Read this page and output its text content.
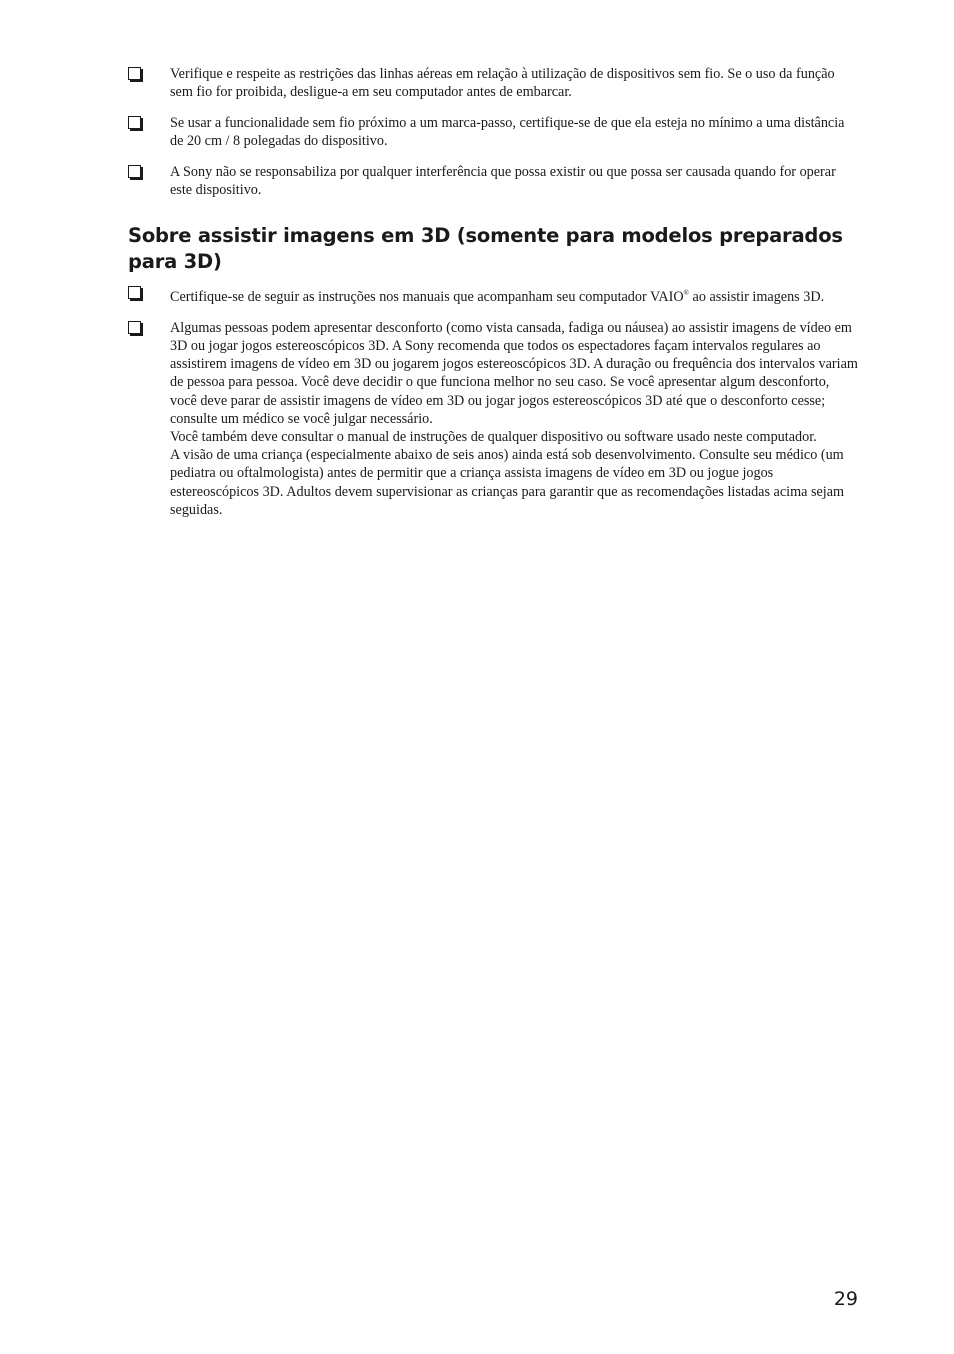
Verifique e respeite as restrições das linhas aéreas em relação à utilização de dispositivos sem fio. Se o uso da função sem fio for proibida, desligue-a em seu computador antes de embarcar.

Se usar a funcionalidade sem fio próximo a um marca-passo, certifique-se de que ela esteja no mínimo a uma distância de 20 cm / 8 polegadas do dispositivo.

A Sony não se responsabiliza por qualquer interferência que possa existir ou que possa ser causada quando for operar este dispositivo.

Sobre assistir imagens em 3D (somente para modelos preparados para 3D)

Certifique-se de seguir as instruções nos manuais que acompanham seu computador VAIO® ao assistir imagens 3D.

Algumas pessoas podem apresentar desconforto (como vista cansada, fadiga ou náusea) ao assistir imagens de vídeo em 3D ou jogar jogos estereoscópicos 3D. A Sony recomenda que todos os espectadores façam intervalos regulares ao assistirem imagens de vídeo em 3D ou jogarem jogos estereoscópicos 3D. A duração ou frequência dos intervalos variam de pessoa para pessoa. Você deve decidir o que funciona melhor no seu caso. Se você apresentar algum desconforto, você deve parar de assistir imagens de vídeo em 3D ou jogar jogos estereoscópicos 3D até que o desconforto cesse; consulte um médico se você julgar necessário.

Você também deve consultar o manual de instruções de qualquer dispositivo ou software usado neste computador.

A visão de uma criança (especialmente abaixo de seis anos) ainda está sob desenvolvimento. Consulte seu médico (um pediatra ou oftalmologista) antes de permitir que a criança assista imagens de vídeo em 3D ou jogue jogos estereoscópicos 3D. Adultos devem supervisionar as crianças para garantir que as recomendações listadas acima sejam seguidas.

29
